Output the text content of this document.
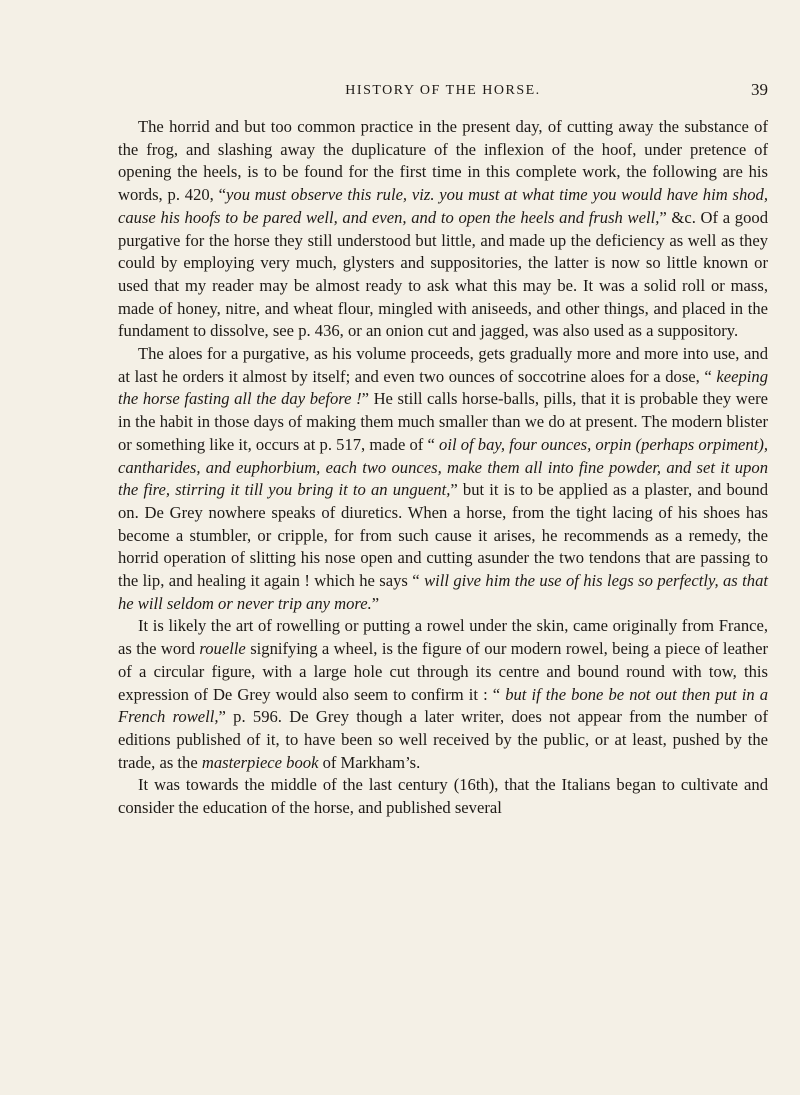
HISTORY OF THE HORSE.	39

The horrid and but too common practice in the present day, of cutting away the substance of the frog, and slashing away the duplicature of the inflexion of the hoof, under pretence of opening the heels, is to be found for the first time in this complete work, the following are his words, p. 420, “you must observe this rule, viz. you must at what time you would have him shod, cause his hoofs to be pared well, and even, and to open the heels and frush well,” &c. Of a good purgative for the horse they still understood but little, and made up the deficiency as well as they could by employing very much, glysters and suppositories, the latter is now so little known or used that my reader may be almost ready to ask what this may be. It was a solid roll or mass, made of honey, nitre, and wheat flour, mingled with aniseeds, and other things, and placed in the fundament to dissolve, see p. 436, or an onion cut and jagged, was also used as a suppository.

The aloes for a purgative, as his volume proceeds, gets gradually more and more into use, and at last he orders it almost by itself; and even two ounces of soccotrine aloes for a dose, “ keeping the horse fasting all the day before !” He still calls horse-balls, pills, that it is probable they were in the habit in those days of making them much smaller than we do at present. The modern blister or something like it, occurs at p. 517, made of “ oil of bay, four ounces, orpin (perhaps orpiment), cantharides, and euphorbium, each two ounces, make them all into fine powder, and set it upon the fire, stirring it till you bring it to an unguent,” but it is to be applied as a plaster, and bound on. De Grey nowhere speaks of diuretics. When a horse, from the tight lacing of his shoes has become a stumbler, or cripple, for from such cause it arises, he recommends as a remedy, the horrid operation of slitting his nose open and cutting asunder the two tendons that are passing to the lip, and healing it again ! which he says “ will give him the use of his legs so perfectly, as that he will seldom or never trip any more.”

It is likely the art of rowelling or putting a rowel under the skin, came originally from France, as the word rouelle signifying a wheel, is the figure of our modern rowel, being a piece of leather of a circular figure, with a large hole cut through its centre and bound round with tow, this expression of De Grey would also seem to confirm it : “ but if the bone be not out then put in a French rowell,” p. 596. De Grey though a later writer, does not appear from the number of editions published of it, to have been so well received by the public, or at least, pushed by the trade, as the masterpiece book of Markham’s.

It was towards the middle of the last century (16th), that the Italians began to cultivate and consider the education of the horse, and published several
